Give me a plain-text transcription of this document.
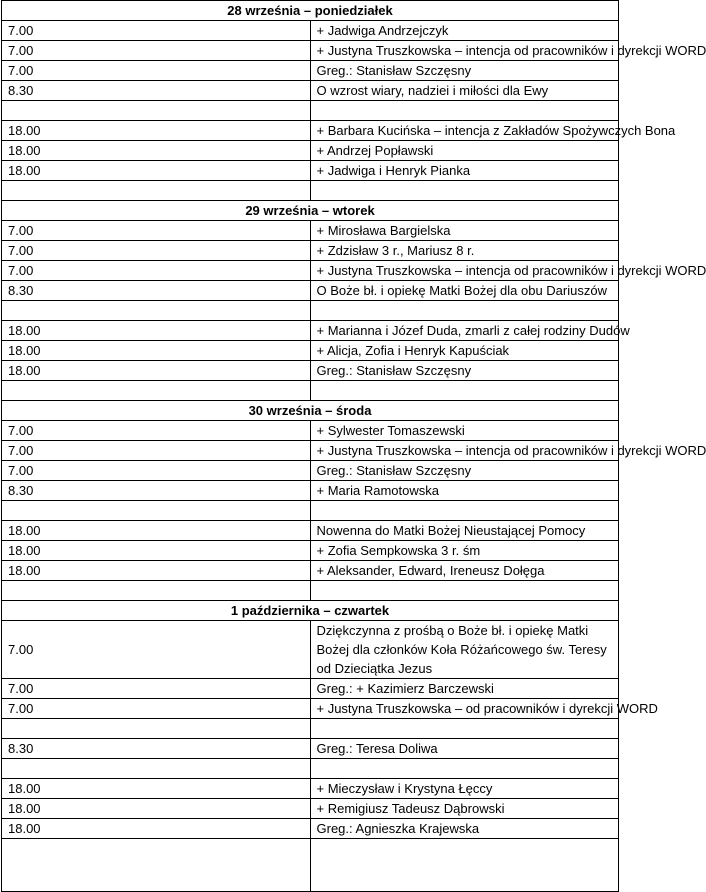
28 września – poniedziałek	
7.00	+ Jadwiga Andrzejczyk
7.00	+ Justyna Truszkowska – intencja od pracowników i dyrekcji WORD
7.00	Greg.: Stanisław Szczęsny
8.30	O wzrost wiary, nadziei i miłości dla Ewy

18.00	+ Barbara Kucińska – intencja z Zakładów Spożywczych Bona
18.00	+ Andrzej Popławski
18.00	+ Jadwiga i Henryk Pianka

29 września – wtorek	
7.00	+ Mirosława Bargielska
7.00	+ Zdzisław 3 r., Mariusz 8 r.
7.00	+ Justyna Truszkowska – intencja od pracowników i dyrekcji WORD
8.30	O Boże bł. i opiekę Matki Bożej dla obu Dariuszów

18.00	+ Marianna i Józef Duda, zmarli z całej rodziny Dudów
18.00	+ Alicja, Zofia i Henryk Kapuściak
18.00	Greg.: Stanisław Szczęsny

30 września – środa	
7.00	+ Sylwester Tomaszewski
7.00	+ Justyna Truszkowska – intencja od pracowników i dyrekcji WORD
7.00	Greg.: Stanisław Szczęsny
8.30	+ Maria Ramotowska

18.00	Nowenna do Matki Bożej Nieustającej Pomocy
18.00	+ Zofia Sempkowska 3 r. śm
18.00	+ Aleksander, Edward, Ireneusz Dołęga

1 października – czwartek	
7.00	Dziękczynna z prośbą o Boże bł. i opiekę Matki Bożej dla członków Koła Różańcowego św. Teresy od Dzieciątka Jezus
7.00	Greg.: + Kazimierz Barczewski
7.00	+ Justyna Truszkowska – od pracowników i dyrekcji WORD

8.30	Greg.: Teresa Doliwa

18.00	+ Mieczysław i Krystyna Łęccy
18.00	+ Remigiusz Tadeusz Dąbrowski
18.00	Greg.: Agnieszka Krajewska
